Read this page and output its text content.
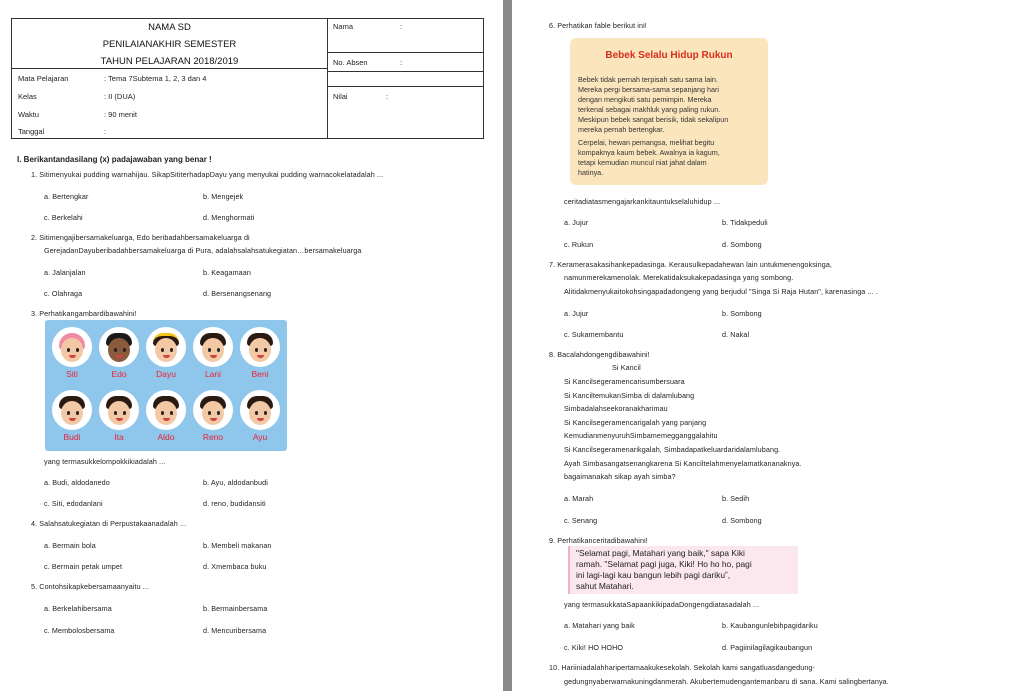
NAMA SD
PENILAIANAKHIR SEMESTER
TAHUN PELAJARAN 2018/2019
Mata Pelajaran	: Tema 7Subtema 1, 2, 3 dan 4
Kelas	: II (DUA)
Waktu	: 90 menit
Tanggal	:
Nama	:
No. Absen	:
Nilai	:
I. Berikantandasilang (x) padajawaban yang benar !
1. Sitimenyukai pudding warnahijau. SikapSititerhadapDayu yang menyukai pudding warnacokelatadalah ...
a. Bertengkar	b. Mengejek
c. Berkelahi	d. Menghormati
2. Sitimengajibersamakeluarga, Edo beribadahbersamakeluarga di
GerejadanDayuberibadahbersamakeluarga di Pura, adalahsalahsatukegiatan…bersamakeluarga
a. Jalanjalan	b. Keagamaan
c. Olahraga	d. Bersenangsenang
3. Perhatikangambardibawahini!
Siti	Edo	Dayu	Lani	Beni
Budi	Ita	Aldo	Reno	Ayu
yang termasukkelompokkikiadalah ...
a. Budi, aldodanedo	b. Ayu, aldodanbudi
c. Siti, edodanlani	d. reno, budidansiti
4. Salahsatukegiatan di Perpustakaanadalah ...
a. Bermain bola	b. Membeli makanan
c. Bermain petak umpet	d. Xmembaca buku
5. Contohsikapkebersamaanyaitu ...
a. Berkelahibersama	b. Bermainbersama
c. Membolosbersama	d. Mencuribersama
6. Perhatikan fable berikut ini!
Bebek Selalu Hidup Rukun
Bebek tidak pernah terpisah satu sama lain.
Mereka pergi bersama-sama sepanjang hari
dengan mengikuti satu pemimpin. Mereka
terkenal sebagai makhluk yang paling rukun.
Meskipun bebek sangat berisik, tidak sekalipun
mereka pernah bertengkar.
Cerpelai, hewan pemangsa, melihat begitu
kompaknya kaum bebek. Awalnya ia kagum,
tetapi kemudian muncul niat jahat dalam
hatinya.
ceritadiatasmengajarkankitauntukselaluhidup ...
a. Jujur	b. Tidakpeduli
c. Rukun	d. Sombong
7. Keramerasakasihankepadasinga. Kerausulkepadahewan lain untukmenengoksinga,
namunmerekamenolak. Merekatidaksukakepadasinga yang sombong.
Alitidakmenyukaitokohsingapadadongeng yang berjudul "Singa Si Raja Hutan", karenasinga ... .
a. Jujur	b. Sombong
c. Sukamembantu	d. Nakal
8. Bacalahdongengdibawahini!
Si Kancil
Si Kancilsegeramencarisumbersuara
Si KanciltemukanSimba di dalamlubang
Simbadalahseekoranakharimau
Si Kancilsegeramencarigalah yang panjang
KemudianmenyuruhSimbamemegganggalahitu
Si Kancilsegeramenarikgalah, Simbadapatkeluardaridalamlubang.
Ayah Simbasangatsenangkarena Si Kanciltelahmenyelamatkananaknya.
bagaimanakah sikap ayah simba?
a. Marah	b. Sedih
c. Senang	d. Sombong
9. Perhatikanceritadibawahini!
"Selamat pagi, Matahari yang baik," sapa Kiki
ramah. "Selamat pagi juga, Kiki! Ho ho ho, pagi
ini lagi-lagi kau bangun lebih pagi darikuˮ,
sahut Matahari.
yang termasukkataSapaankikipadaDongengdiatasadalah ...
a. Matahari yang baik	b. Kaubangunlebihpagidariku
c. Kiki! HO HOHO	d. Pagiinilagilagikaubangun
10. Hariiniadalahharipertamaakukesekolah. Sekolah kami sangatluasdangedung-
gedungnyaberwarnakuningdanmerah. Akubertemudengantemanbaru di sana. Kami salingbertanya.
